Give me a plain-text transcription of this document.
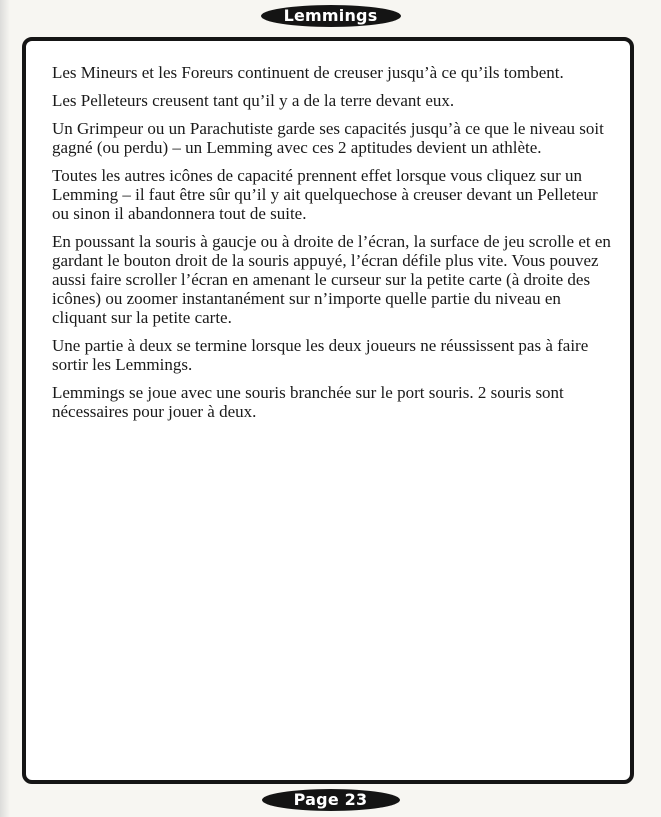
Lemmings

Les Mineurs et les Foreurs continuent de creuser jusqu’à ce qu’ils tombent.

Les Pelleteurs creusent tant qu’il y a de la terre devant eux.

Un Grimpeur ou un Parachutiste garde ses capacités jusqu’à ce que le niveau soit gagné (ou perdu) – un Lemming avec ces 2 aptitudes devient un athlète.

Toutes les autres icônes de capacité prennent effet lorsque vous cliquez sur un Lemming – il faut être sûr qu’il y ait quelquechose à creuser devant un Pelleteur ou sinon il abandonnera tout de suite.

En poussant la souris à gaucje ou à droite de l’écran, la surface de jeu scrolle et en gardant le bouton droit de la souris appuyé, l’écran défile plus vite. Vous pouvez aussi faire scroller l’écran en amenant le curseur sur la petite carte (à droite des icônes) ou zoomer instantanément sur n’importe quelle partie du niveau en cliquant sur la petite carte.

Une partie à deux se termine lorsque les deux joueurs ne réussissent pas à faire sortir les Lemmings.

Lemmings se joue avec une souris branchée sur le port souris. 2 souris sont nécessaires pour jouer à deux.

Page 23
